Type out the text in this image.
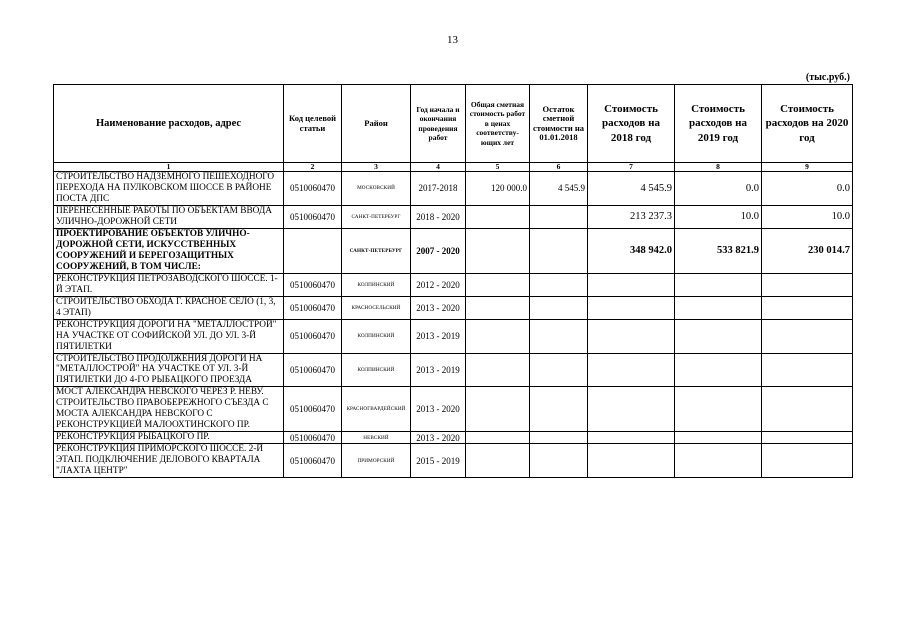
13
(тыс.руб.)
Наименование расходов, адрес	Код целевой статьи	Район	Год начала и окончания проведения работ	Общая сметная стоимость работ в ценах соответству-ющих лет	Остаток сметной стоимости на 01.01.2018	Стоимость расходов на 2018 год	Стоимость расходов на 2019 год	Стоимость расходов на 2020 год
1	2	3	4	5	6	7	8	9
СТРОИТЕЛЬСТВО НАДЗЕМНОГО ПЕШЕХОДНОГО ПЕРЕХОДА НА ПУЛКОВСКОМ ШОССЕ В РАЙОНЕ ПОСТА ДПС	0510060470	МОСКОВСКИЙ	2017-2018	120 000.0	4 545.9	4 545.9	0.0	0.0
ПЕРЕНЕСЕННЫЕ РАБОТЫ ПО ОБЪЕКТАМ ВВОДА УЛИЧНО-ДОРОЖНОЙ СЕТИ	0510060470	САНКТ-ПЕТЕРБУРГ	2018 - 2020			213 237.3	10.0	10.0
ПРОЕКТИРОВАНИЕ ОБЪЕКТОВ УЛИЧНО-ДОРОЖНОЙ СЕТИ, ИСКУССТВЕННЫХ СООРУЖЕНИЙ И БЕРЕГОЗАЩИТНЫХ СООРУЖЕНИЙ, В ТОМ ЧИСЛЕ:		САНКТ-ПЕТЕРБУРГ	2007 - 2020			348 942.0	533 821.9	230 014.7
РЕКОНСТРУКЦИЯ ПЕТРОЗАВОДСКОГО ШОССЕ. 1-Й ЭТАП.	0510060470	КОЛПИНСКИЙ	2012 - 2020					
СТРОИТЕЛЬСТВО ОБХОДА Г. КРАСНОЕ СЕЛО (1, 3, 4 ЭТАП)	0510060470	КРАСНОСЕЛЬСКИЙ	2013 - 2020					
РЕКОНСТРУКЦИЯ ДОРОГИ НА "МЕТАЛЛОСТРОЙ" НА УЧАСТКЕ ОТ СОФИЙСКОЙ УЛ. ДО УЛ. 3-Й ПЯТИЛЕТКИ	0510060470	КОЛПИНСКИЙ	2013 - 2019					
СТРОИТЕЛЬСТВО ПРОДОЛЖЕНИЯ ДОРОГИ НА "МЕТАЛЛОСТРОЙ" НА УЧАСТКЕ ОТ УЛ. 3-Й ПЯТИЛЕТКИ ДО 4-ГО РЫБАЦКОГО ПРОЕЗДА	0510060470	КОЛПИНСКИЙ	2013 - 2019					
МОСТ АЛЕКСАНДРА НЕВСКОГО ЧЕРЕЗ Р. НЕВУ. СТРОИТЕЛЬСТВО ПРАВОБЕРЕЖНОГО СЪЕЗДА С МОСТА АЛЕКСАНДРА НЕВСКОГО С РЕКОНСТРУКЦИЕЙ МАЛООХТИНСКОГО ПР.	0510060470	КРАСНОГВАРДЕЙСКИЙ	2013 - 2020					
РЕКОНСТРУКЦИЯ РЫБАЦКОГО ПР.	0510060470	НЕВСКИЙ	2013 - 2020					
РЕКОНСТРУКЦИЯ ПРИМОРСКОГО ШОССЕ. 2-Й ЭТАП. ПОДКЛЮЧЕНИЕ ДЕЛОВОГО КВАРТАЛА "ЛАХТА ЦЕНТР"	0510060470	ПРИМОРСКИЙ	2015 - 2019					
